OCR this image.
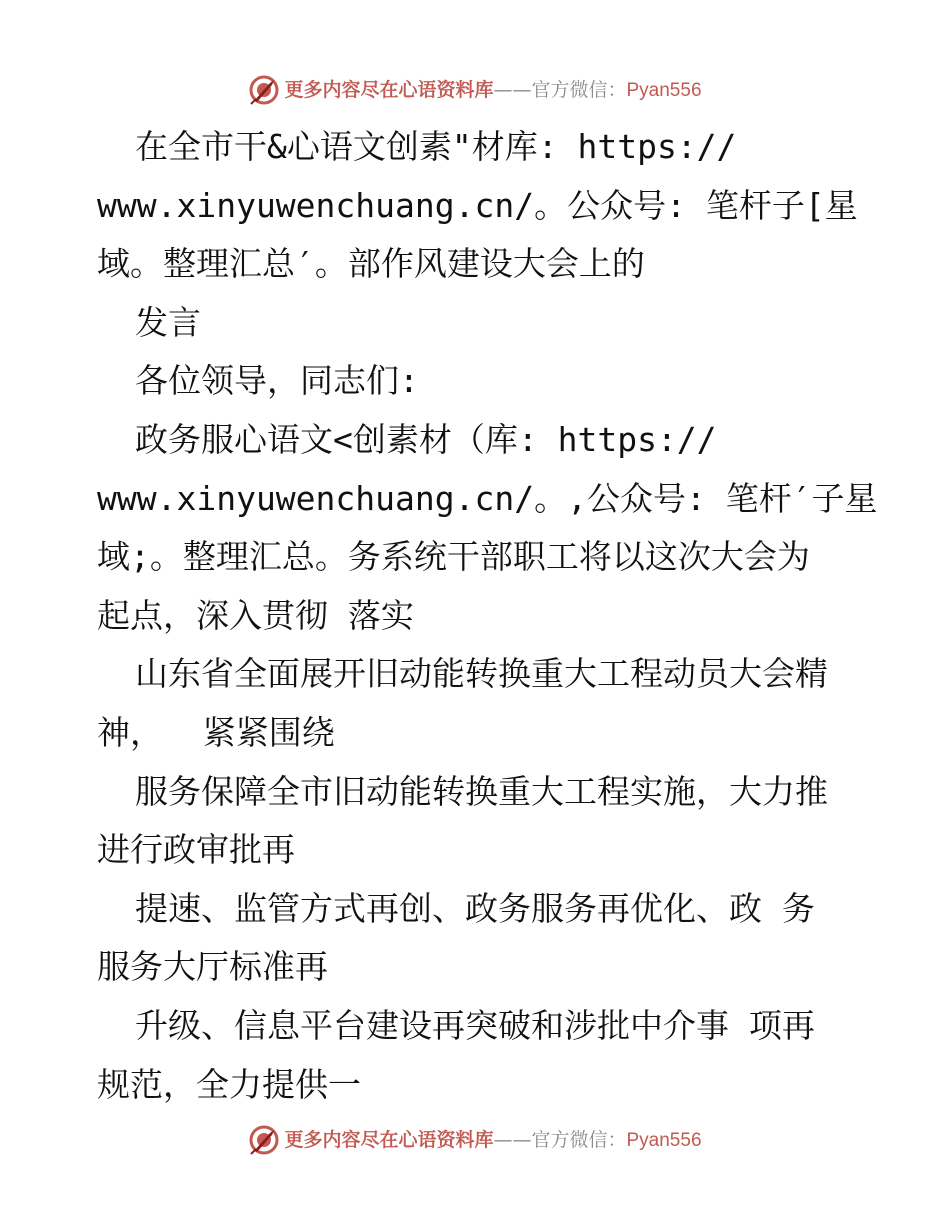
更多内容尽在心语资料库 —— 官方微信： Pyan556
在全市干&心语文创素"材库: https://
www.xinyuwenchuang.cn/。公众号: 笔杆子[星
域。整理汇总′。部作风建设大会上的
发言
各位领导，同志们:
政务服心语文<创素材（库: https://
www.xinyuwenchuang.cn/。,公众号: 笔杆′子星
域;。整理汇总。务系统干部职工将以这次大会为
起点，深入贯彻 落实
山东省全面展开旧动能转换重大工程动员大会精
神，  紧紧围绕
服务保障全市旧动能转换重大工程实施，大力推
进行政审批再
提速、监管方式再创、政务服务再优化、政 务
服务大厅标准再
升级、信息平台建设再突破和涉批中介事 项再
规范，全力提供一
更多内容尽在心语资料库 —— 官方微信： Pyan556
